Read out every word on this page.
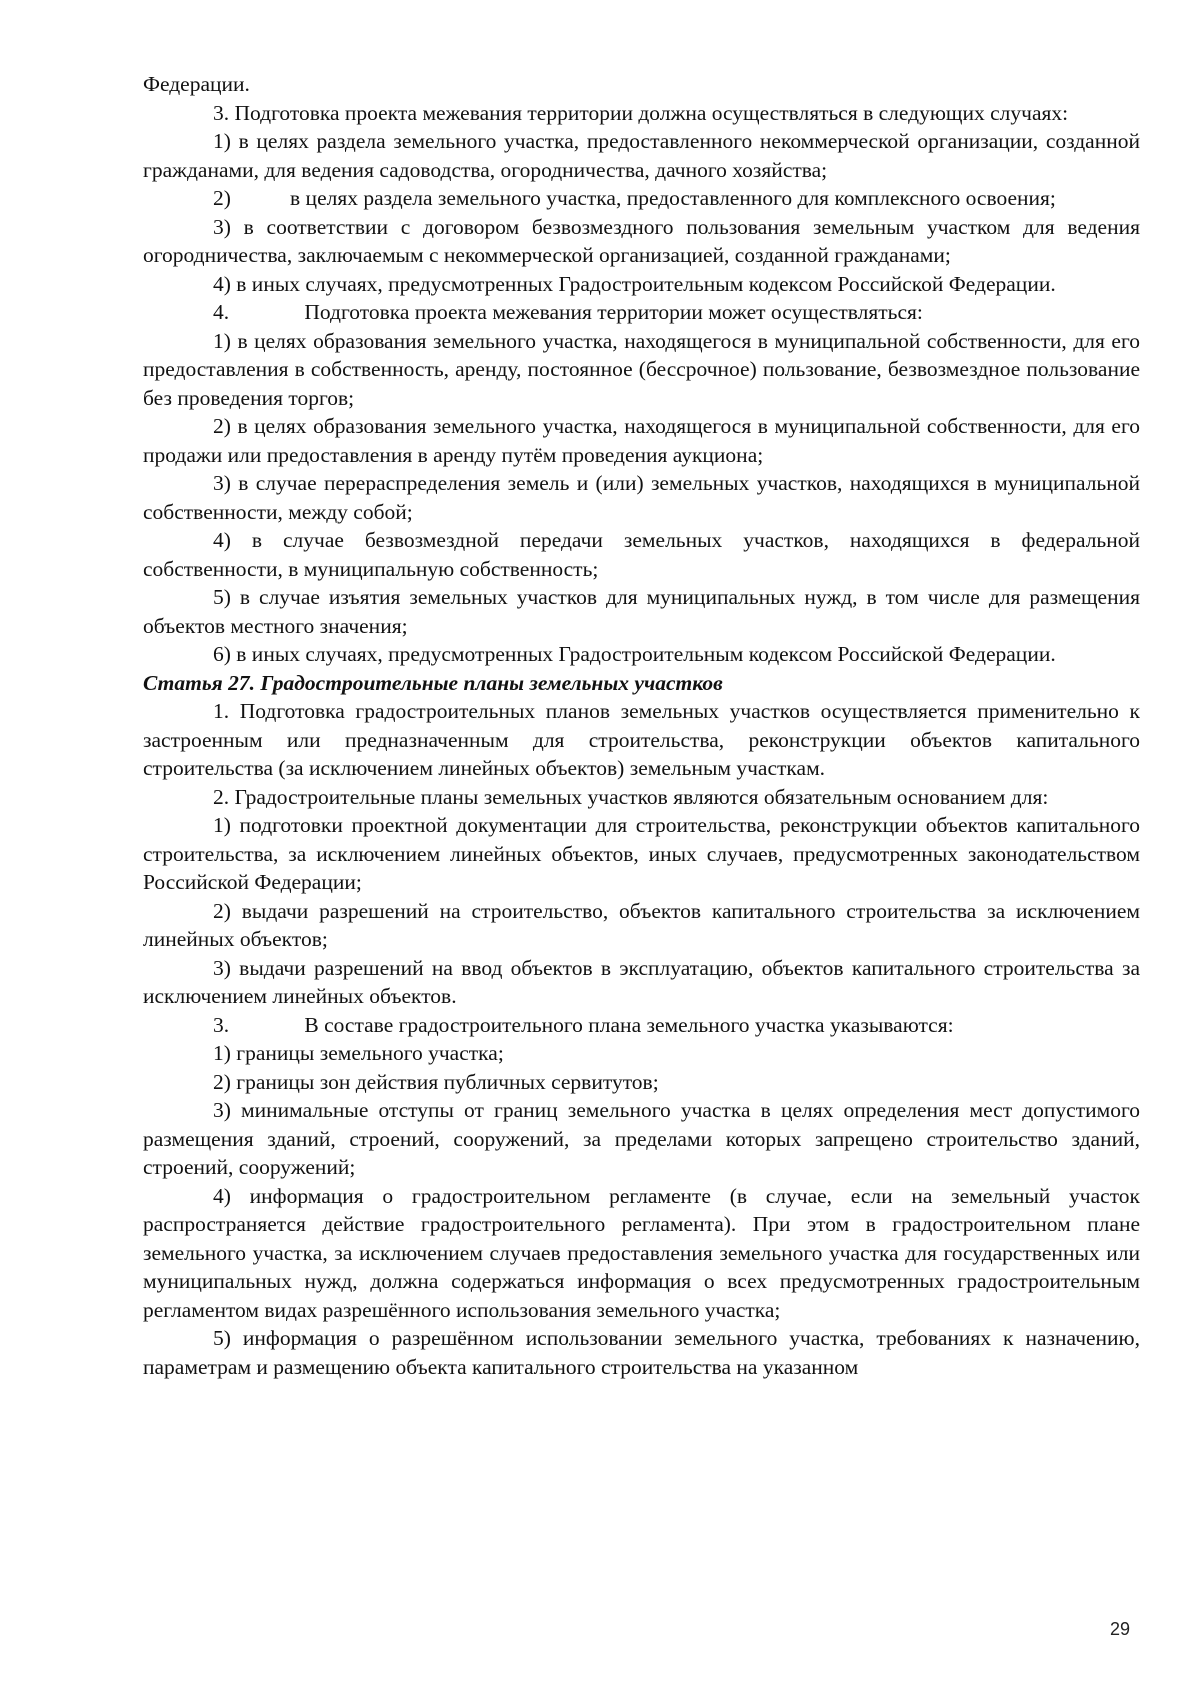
Федерации.

3. Подготовка проекта межевания территории должна осуществляться в следующих случаях:

1) в целях раздела земельного участка, предоставленного некоммерческой организации, созданной гражданами, для ведения садоводства, огородничества, дачного хозяйства;

2)           в целях раздела земельного участка, предоставленного для комплексного освоения;

3) в соответствии с договором безвозмездного пользования земельным участком для ведения огородничества, заключаемым с некоммерческой организацией, созданной гражданами;

4) в иных случаях, предусмотренных Градостроительным кодексом Российской Федерации.

4.              Подготовка проекта межевания территории может осуществляться:

1) в целях образования земельного участка, находящегося в муниципальной собственности, для его предоставления в собственность, аренду, постоянное (бессрочное) пользование, безвозмездное пользование без проведения торгов;

2) в целях образования земельного участка, находящегося в муниципальной собственности, для его продажи или предоставления в аренду путём проведения аукциона;

3) в случае перераспределения земель и (или) земельных участков, находящихся в муниципальной собственности, между собой;

4) в случае безвозмездной передачи земельных участков, находящихся в федеральной собственности, в муниципальную собственность;

5) в случае изъятия земельных участков для муниципальных нужд, в том числе для размещения объектов местного значения;

6) в иных случаях, предусмотренных Градостроительным кодексом Российской Федерации.

Статья 27. Градостроительные планы земельных участков

1. Подготовка градостроительных планов земельных участков осуществляется применительно к застроенным или предназначенным для строительства, реконструкции объектов капитального строительства (за исключением линейных объектов) земельным участкам.

2. Градостроительные планы земельных участков являются обязательным основанием для:

1) подготовки проектной документации для строительства, реконструкции объектов капитального строительства, за исключением линейных объектов, иных случаев, предусмотренных законодательством Российской Федерации;

2) выдачи разрешений на строительство, объектов капитального строительства за исключением линейных объектов;

3) выдачи разрешений на ввод объектов в эксплуатацию, объектов капитального строительства за исключением линейных объектов.

3.              В составе градостроительного плана земельного участка указываются:

1) границы земельного участка;

2) границы зон действия публичных сервитутов;

3) минимальные отступы от границ земельного участка в целях определения мест допустимого размещения зданий, строений, сооружений, за пределами которых запрещено строительство зданий, строений, сооружений;

4) информация о градостроительном регламенте (в случае, если на земельный участок распространяется действие градостроительного регламента). При этом в градостроительном плане земельного участка, за исключением случаев предоставления земельного участка для государственных или муниципальных нужд, должна содержаться информация о всех предусмотренных градостроительным регламентом видах разрешённого использования земельного участка;

5) информация о разрешённом использовании земельного участка, требованиях к назначению, параметрам и размещению объекта капитального строительства на указанном

29
